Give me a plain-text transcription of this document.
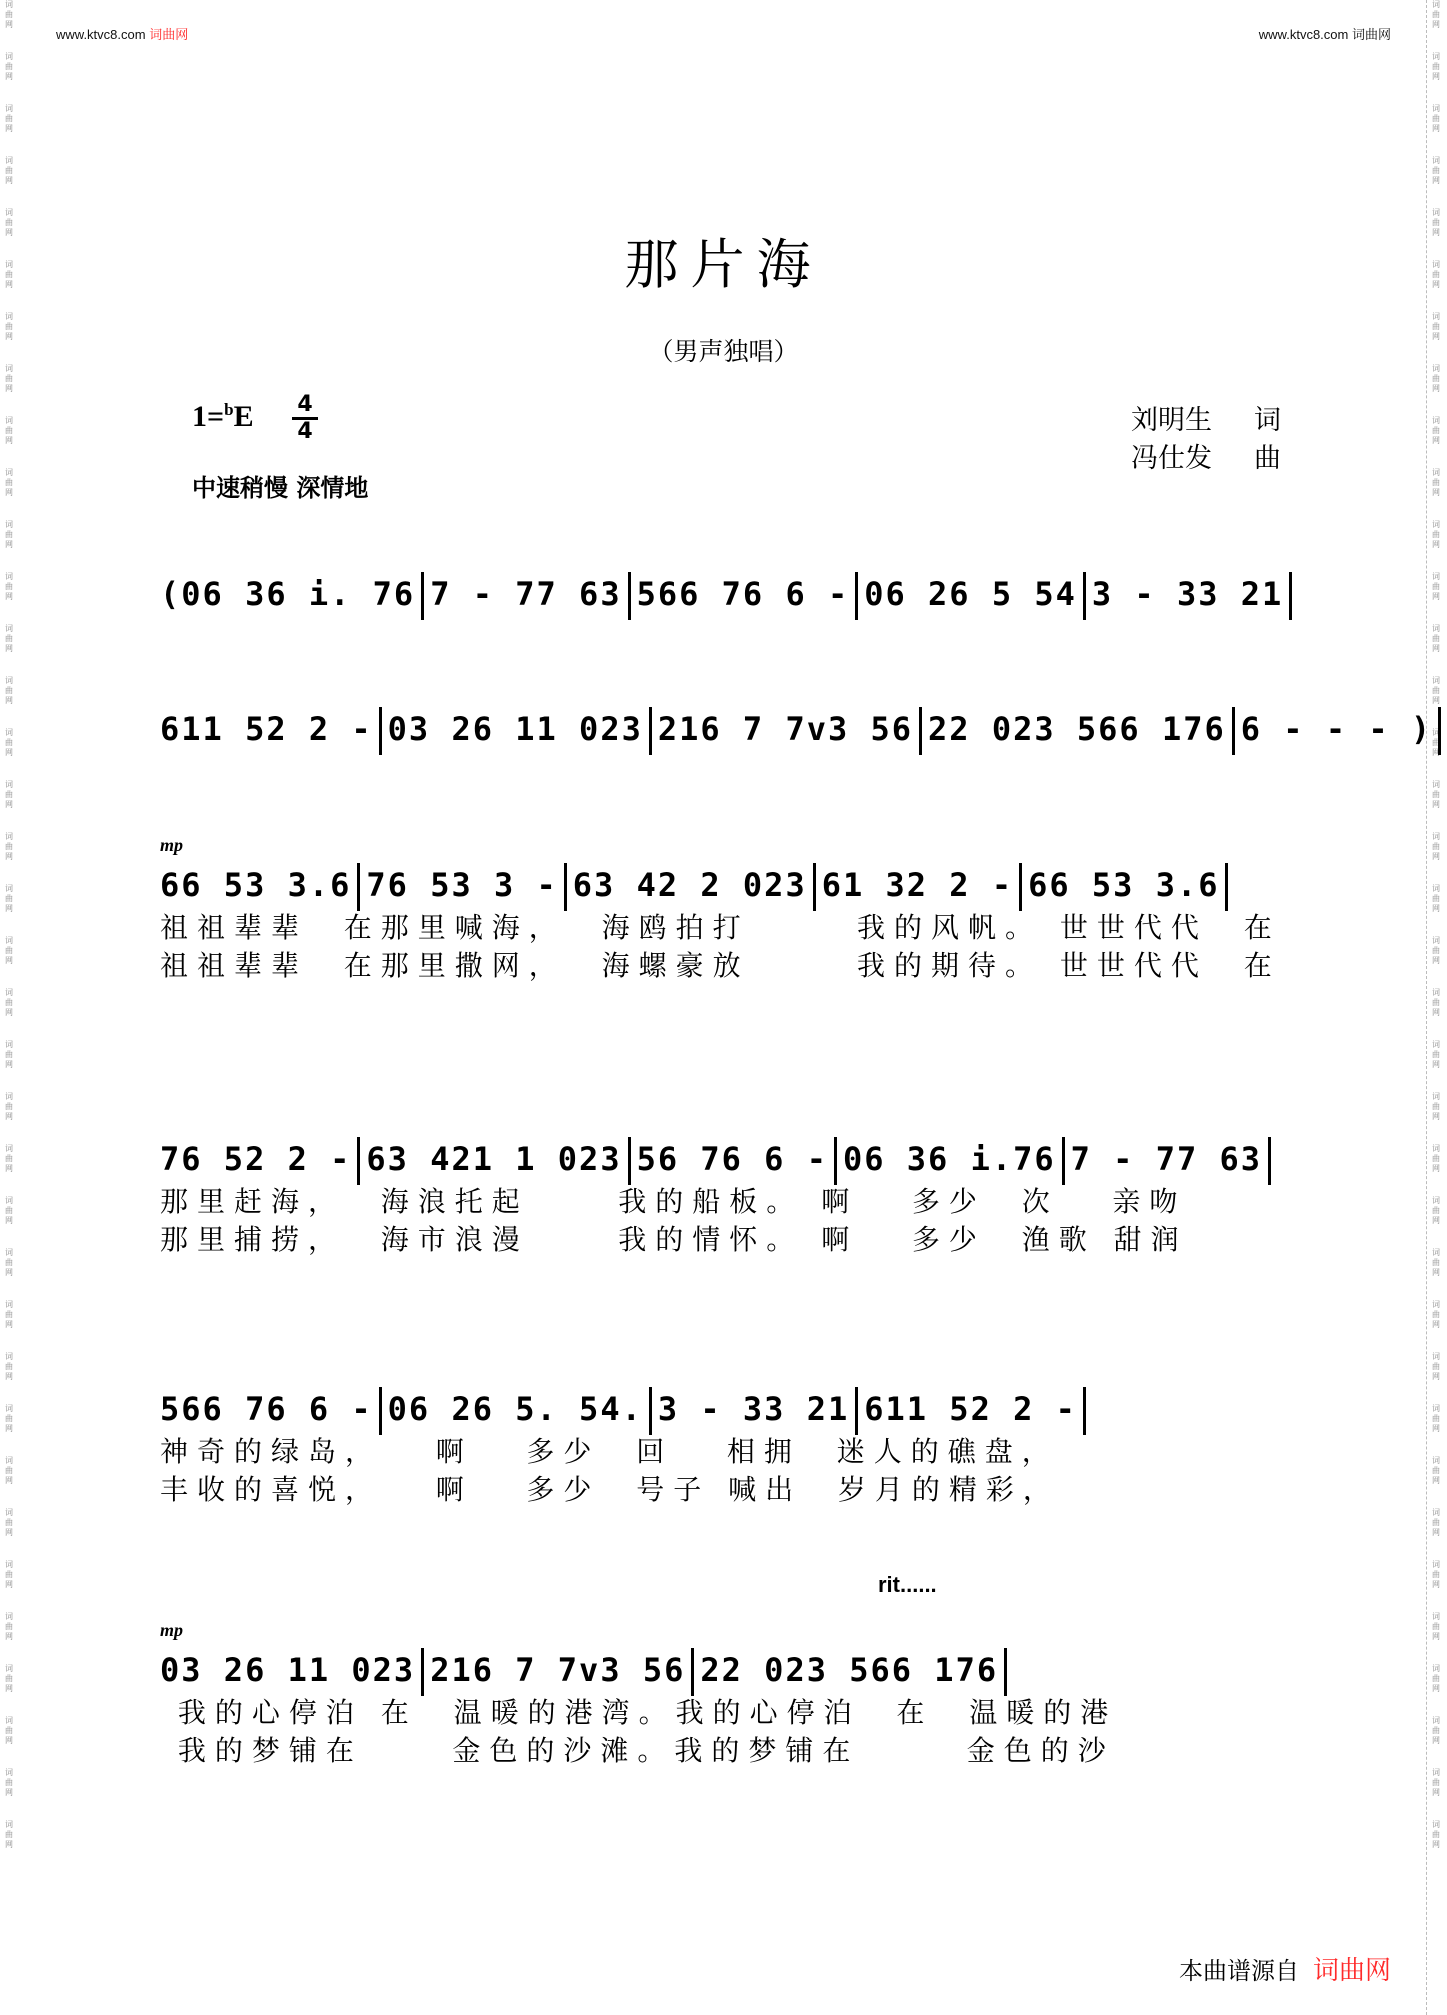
www.ktvc8.com 词曲网	www.ktvc8.com 词曲网
词
曲
网
词
曲
网
词
曲
网
词
曲
网
词
曲
网
词
曲
网
词
曲
网
词
曲
网
词
曲
网
词
曲
网
词
曲
网
词
曲
网
词
曲
网
词
曲
网
词
曲
网
词
曲
网
词
曲
网
词
曲
网
词
曲
网
词
曲
网
词
曲
网
词
曲
网
词
曲
网
词
曲
网
词
曲
网
词
曲
网
词
曲
网
词
曲
网
词
曲
网
词
曲
网
词
曲
网
词
曲
网
词
曲
网
词
曲
网
词
曲
网
词
曲
网
词
曲
网
词
曲
网
词
曲
网
词
曲
网
词
曲
网
词
曲
网
词
曲
网
词
曲
网
词
曲
网
词
曲
网
词
曲
网
词
曲
网
词
曲
网
词
曲
网
词
曲
网
词
曲
网
词
曲
网
词
曲
网
词
曲
网
词
曲
网
词
曲
网
词
曲
网
词
曲
网
词
曲
网
词
曲
网
词
曲
网
词
曲
网
词
曲
网
词
曲
网
词
曲
网
词
曲
网
词
曲
网
词
曲
网
词
曲
网
词
曲
网
词
曲
网
那片海
（男声独唱）
1=$^b$E 4
4
中速稍慢 深情地
刘明生 词
冯仕发 曲
(06 36 i. 76 7 - 77 63 566 76 6 - 06 26 5 54 3 - 33 21
611 52 2 - 03 26 11 023 216 7 7v3 56 22 023 566 176 6 - - - )
mp
66 53 3.6 76 53 3 - 63 42 2 023 61 32 2 - 66 53 3.6
祖祖辈辈  在那里喊海，  海鸥拍打      我的风帆。 世世代代  在
祖祖辈辈  在那里撒网，  海螺豪放      我的期待。 世世代代  在
76 52 2 - 63 421 1 023 56 76 6 - 06 36 i.76 7 - 77 63
那里赶海，  海浪托起     我的船板。 啊   多少  次   亲吻
那里捕捞，  海市浪漫     我的情怀。 啊   多少  渔歌 甜润
566 76 6 - 06 26 5. 54. 3 - 33 21 611 52 2 -
神奇的绿岛，   啊   多少  回   相拥  迷人的礁盘，
丰收的喜悦，   啊   多少  号子 喊出  岁月的精彩，
rit......
mp
03 26 11 023 216 7 7v3 56 22 023 566 176
我的心停泊 在  温暖的港湾。我的心停泊  在  温暖的港
我的梦铺在     金色的沙滩。我的梦铺在      金色的沙
本曲谱源自 词曲网
